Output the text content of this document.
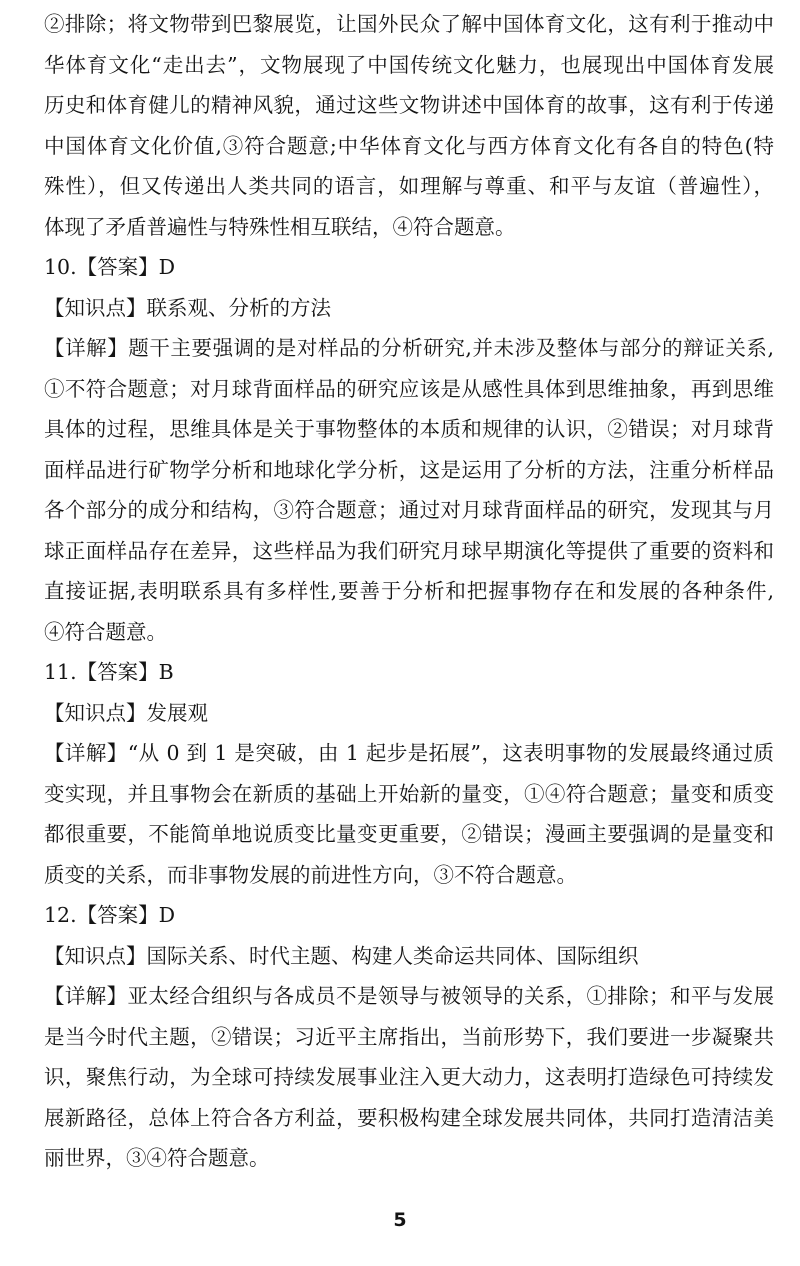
②排除；将文物带到巴黎展览，让国外民众了解中国体育文化，这有利于推动中
华体育文化“走出去”，文物展现了中国传统文化魅力，也展现出中国体育发展
历史和体育健儿的精神风貌，通过这些文物讲述中国体育的故事，这有利于传递
中国体育文化价值,③符合题意;中华体育文化与西方体育文化有各自的特色(特
殊性），但又传递出人类共同的语言，如理解与尊重、和平与友谊（普遍性），
体现了矛盾普遍性与特殊性相互联结，④符合题意。
10.【答案】D
【知识点】联系观、分析的方法
【详解】题干主要强调的是对样品的分析研究,并未涉及整体与部分的辩证关系,
①不符合题意；对月球背面样品的研究应该是从感性具体到思维抽象，再到思维
具体的过程，思维具体是关于事物整体的本质和规律的认识，②错误；对月球背
面样品进行矿物学分析和地球化学分析，这是运用了分析的方法，注重分析样品
各个部分的成分和结构，③符合题意；通过对月球背面样品的研究，发现其与月
球正面样品存在差异，这些样品为我们研究月球早期演化等提供了重要的资料和
直接证据,表明联系具有多样性,要善于分析和把握事物存在和发展的各种条件,
④符合题意。
11.【答案】B
【知识点】发展观
【详解】“从 0 到 1 是突破，由 1 起步是拓展”，这表明事物的发展最终通过质
变实现，并且事物会在新质的基础上开始新的量变，①④符合题意；量变和质变
都很重要，不能简单地说质变比量变更重要，②错误；漫画主要强调的是量变和
质变的关系，而非事物发展的前进性方向，③不符合题意。
12.【答案】D
【知识点】国际关系、时代主题、构建人类命运共同体、国际组织
【详解】亚太经合组织与各成员不是领导与被领导的关系，①排除；和平与发展
是当今时代主题，②错误；习近平主席指出，当前形势下，我们要进一步凝聚共
识，聚焦行动，为全球可持续发展事业注入更大动力，这表明打造绿色可持续发
展新路径，总体上符合各方利益，要积极构建全球发展共同体，共同打造清洁美
丽世界，③④符合题意。
5
